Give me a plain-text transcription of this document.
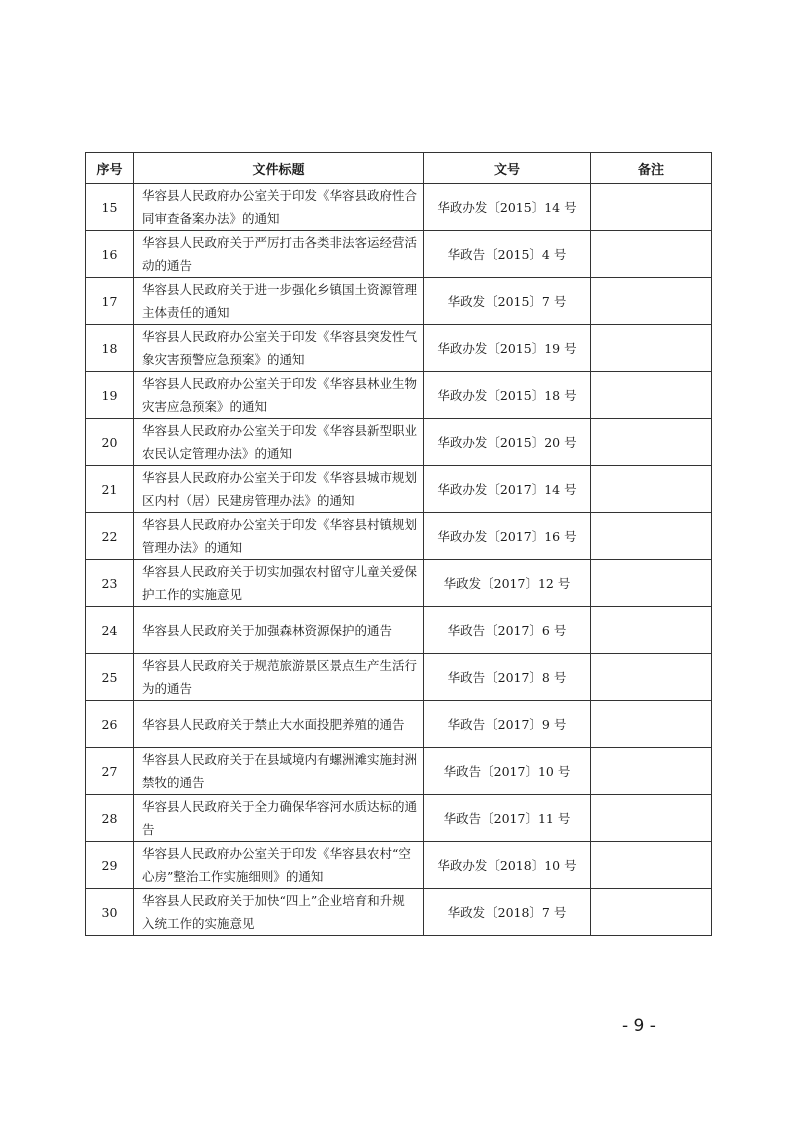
序号	文件标题	文号	备注
15	华容县人民政府办公室关于印发《华容县政府性合同审查备案办法》的通知	华政办发〔2015〕14 号	
16	华容县人民政府关于严厉打击各类非法客运经营活动的通告	华政告〔2015〕4 号	
17	华容县人民政府关于进一步强化乡镇国土资源管理主体责任的通知	华政发〔2015〕7 号	
18	华容县人民政府办公室关于印发《华容县突发性气象灾害预警应急预案》的通知	华政办发〔2015〕19 号	
19	华容县人民政府办公室关于印发《华容县林业生物灾害应急预案》的通知	华政办发〔2015〕18 号	
20	华容县人民政府办公室关于印发《华容县新型职业农民认定管理办法》的通知	华政办发〔2015〕20 号	
21	华容县人民政府办公室关于印发《华容县城市规划区内村（居）民建房管理办法》的通知	华政办发〔2017〕14 号	
22	华容县人民政府办公室关于印发《华容县村镇规划管理办法》的通知	华政办发〔2017〕16 号	
23	华容县人民政府关于切实加强农村留守儿童关爱保护工作的实施意见	华政发〔2017〕12 号	
24	华容县人民政府关于加强森林资源保护的通告	华政告〔2017〕6 号	
25	华容县人民政府关于规范旅游景区景点生产生活行为的通告	华政告〔2017〕8 号	
26	华容县人民政府关于禁止大水面投肥养殖的通告	华政告〔2017〕9 号	
27	华容县人民政府关于在县域境内有螺洲滩实施封洲禁牧的通告	华政告〔2017〕10 号	
28	华容县人民政府关于全力确保华容河水质达标的通告	华政告〔2017〕11 号	
29	华容县人民政府办公室关于印发《华容县农村“空心房”整治工作实施细则》的通知	华政办发〔2018〕10 号	
30	华容县人民政府关于加快“四上”企业培育和升规入统工作的实施意见	华政发〔2018〕7 号	
- 9 -
